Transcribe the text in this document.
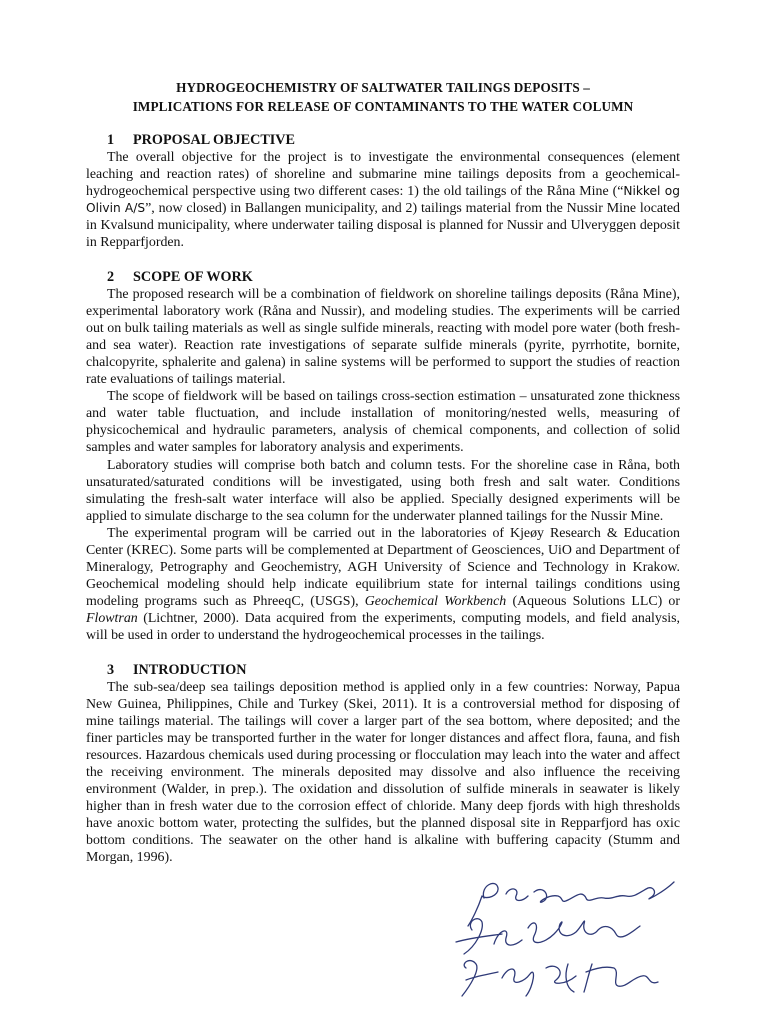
HYDROGEOCHEMISTRY OF SALTWATER TAILINGS DEPOSITS –
IMPLICATIONS FOR RELEASE OF CONTAMINANTS TO THE WATER COLUMN
1 PROPOSAL OBJECTIVE

The overall objective for the project is to investigate the environmental consequences (element leaching and reaction rates) of shoreline and submarine mine tailings deposits from a geochemical-hydrogeochemical perspective using two different cases: 1) the old tailings of the Råna Mine (“Nikkel og Olivin A/S”, now closed) in Ballangen municipality, and 2) tailings material from the Nussir Mine located in Kvalsund municipality, where underwater tailing disposal is planned for Nussir and Ulveryggen deposit in Repparfjorden.

2 SCOPE OF WORK

The proposed research will be a combination of fieldwork on shoreline tailings deposits (Råna Mine), experimental laboratory work (Råna and Nussir), and modeling studies. The experiments will be carried out on bulk tailing materials as well as single sulfide minerals, reacting with model pore water (both fresh- and sea water). Reaction rate investigations of separate sulfide minerals (pyrite, pyrrhotite, bornite, chalcopyrite, sphalerite and galena) in saline systems will be performed to support the studies of reaction rate evaluations of tailings material.

The scope of fieldwork will be based on tailings cross-section estimation – unsaturated zone thickness and water table fluctuation, and include installation of monitoring/nested wells, measuring of physicochemical and hydraulic parameters, analysis of chemical components, and collection of solid samples and water samples for laboratory analysis and experiments.

Laboratory studies will comprise both batch and column tests. For the shoreline case in Råna, both unsaturated/saturated conditions will be investigated, using both fresh and salt water. Conditions simulating the fresh-salt water interface will also be applied. Specially designed experiments will be applied to simulate discharge to the sea column for the underwater planned tailings for the Nussir Mine.

The experimental program will be carried out in the laboratories of Kjeøy Research & Education Center (KREC). Some parts will be complemented at Department of Geosciences, UiO and Department of Mineralogy, Petrography and Geochemistry, AGH University of Science and Technology in Krakow. Geochemical modeling should help indicate equilibrium state for internal tailings conditions using modeling programs such as PhreeqC, (USGS), Geochemical Workbench (Aqueous Solutions LLC) or Flowtran (Lichtner, 2000). Data acquired from the experiments, computing models, and field analysis, will be used in order to understand the hydrogeochemical processes in the tailings.

3 INTRODUCTION

The sub-sea/deep sea tailings deposition method is applied only in a few countries: Norway, Papua New Guinea, Philippines, Chile and Turkey (Skei, 2011). It is a controversial method for disposing of mine tailings material. The tailings will cover a larger part of the sea bottom, where deposited; and the finer particles may be transported further in the water for longer distances and affect flora, fauna, and fish resources. Hazardous chemicals used during processing or flocculation may leach into the water and affect the receiving environment. The minerals deposited may dissolve and also influence the receiving environment (Walder, in prep.). The oxidation and dissolution of sulfide minerals in seawater is likely higher than in fresh water due to the corrosion effect of chloride. Many deep fjords with high thresholds have anoxic bottom water, protecting the sulfides, but the planned disposal site in Repparfjord has oxic bottom conditions. The seawater on the other hand is alkaline with buffering capacity (Stumm and Morgan, 1996).
